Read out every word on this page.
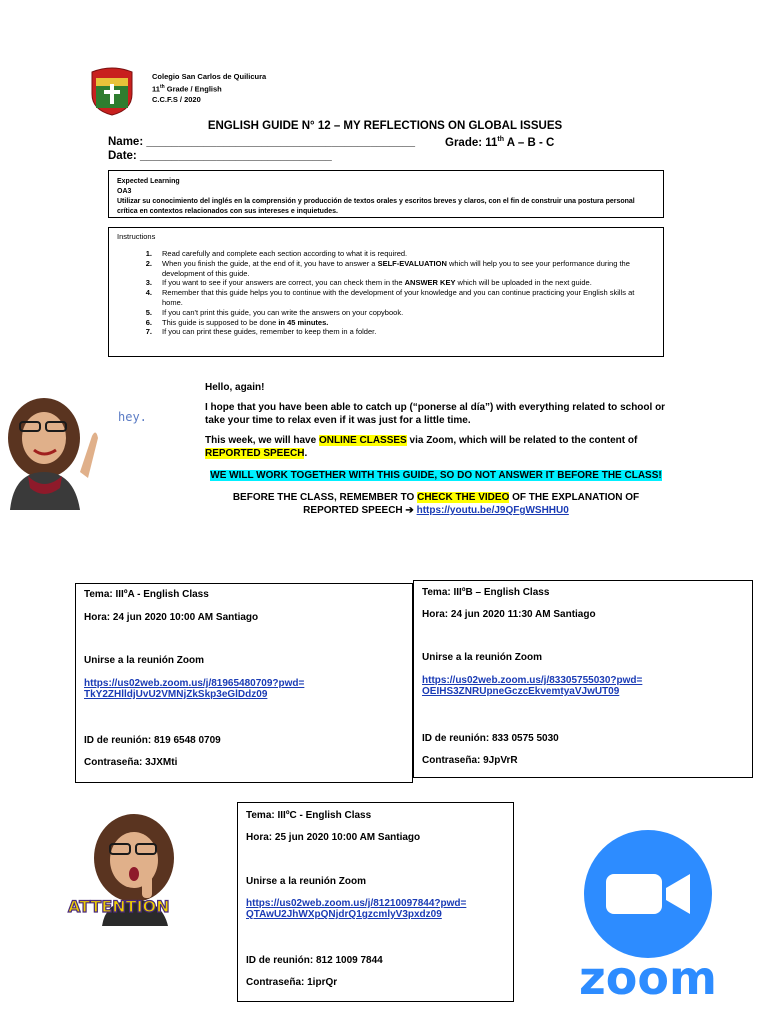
Colegio San Carlos de Quilicura
11th Grade / English
C.C.F.S / 2020
ENGLISH GUIDE N° 12 – MY REFLECTIONS ON GLOBAL ISSUES
Name: __________________________________________	Grade: 11th A – B - C
Date: ______________________________
Expected Learning
OA3
Utilizar su conocimiento del inglés en la comprensión y producción de textos orales y escritos breves y claros, con el fin de construir una postura personal crítica en contextos relacionados con sus intereses e inquietudes.
Instructions
1.	Read carefully and complete each section according to what it is required.
2.	When you finish the guide, at the end of it, you have to answer a SELF-EVALUATION which will help you to see your performance during the development of this guide.
3.	If you want to see if your answers are correct, you can check them in the ANSWER KEY which will be uploaded in the next guide.
4.	Remember that this guide helps you to continue with the development of your knowledge and you can continue practicing your English skills at home.
5.	If you can't print this guide, you can write the answers on your copybook.
6.	This guide is supposed to be done in 45 minutes.
7.	If you can print these guides, remember to keep them in a folder.
hey.

Hello, again!

I hope that you have been able to catch up (“ponerse al día”) with everything related to school or take your time to relax even if it was just for a little time.

This week, we will have ONLINE CLASSES via Zoom, which will be related to the content of REPORTED SPEECH.

WE WILL WORK TOGETHER WITH THIS GUIDE, SO DO NOT ANSWER IT BEFORE THE CLASS!

BEFORE THE CLASS, REMEMBER TO CHECK THE VIDEO OF THE EXPLANATION OF REPORTED SPEECH ➔ https://youtu.be/J9QFgWSHHU0

Tema: IIIºA - English Class
Hora: 24 jun 2020 10:00 AM Santiago
Unirse a la reunión Zoom
https://us02web.zoom.us/j/81965480709?pwd=
TkY2ZHlldjUvU2VMNjZkSkp3eGlDdz09
ID de reunión: 819 6548 0709
Contraseña: 3JXMti
Tema: IIIºB – English Class
Hora: 24 jun 2020 11:30 AM Santiago
Unirse a la reunión Zoom
https://us02web.zoom.us/j/83305755030?pwd=
OEIHS3ZNRUpneGczcEkvemtyaVJwUT09
ID de reunión: 833 0575 5030
Contraseña: 9JpVrR
Tema: IIIºC - English Class
Hora: 25 jun 2020 10:00 AM Santiago
Unirse a la reunión Zoom
https://us02web.zoom.us/j/81210097844?pwd=
QTAwU2JhWXpQNjdrQ1gzcmlyV3pxdz09
ID de reunión: 812 1009 7844
Contraseña: 1iprQr
ATTENTION
zoom
